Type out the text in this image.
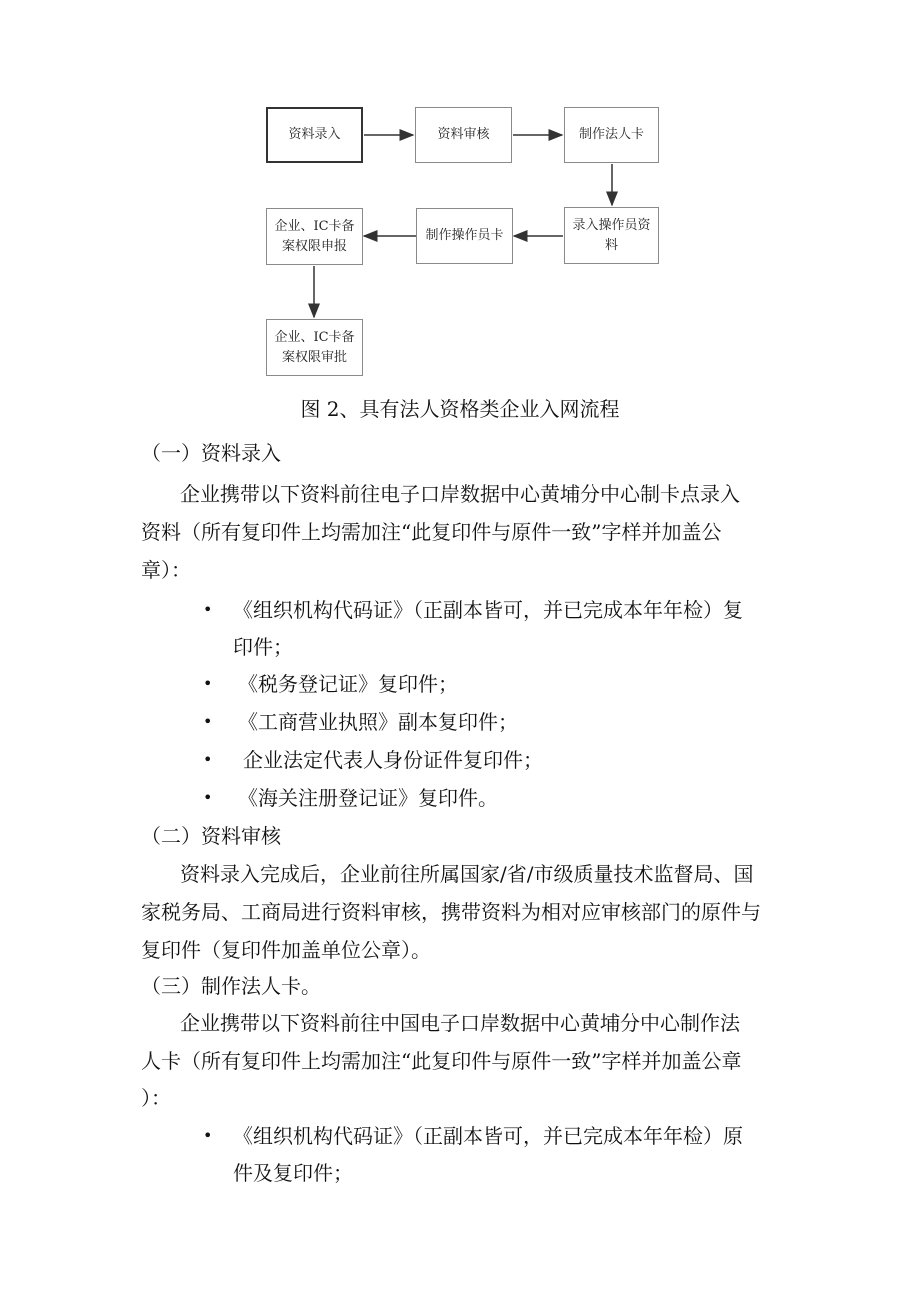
资料录入	资料审核	制作法人卡
录入操作员资料
制作操作员卡
企业、IC卡备案权限申报
企业、IC卡备案权限审批
图 2、具有法人资格类企业入网流程
（一）资料录入
企业携带以下资料前往电子口岸数据中心黄埔分中心制卡点录入
资料（所有复印件上均需加注“此复印件与原件一致”字样并加盖公
章）：
• 《组织机构代码证》（正副本皆可，并已完成本年年检）复
印件；
• 《税务登记证》复印件；
• 《工商营业执照》副本复印件；
• 企业法定代表人身份证件复印件；
• 《海关注册登记证》复印件。
（二）资料审核
资料录入完成后，企业前往所属国家/省/市级质量技术监督局、国
家税务局、工商局进行资料审核，携带资料为相对应审核部门的原件与
复印件（复印件加盖单位公章）。
（三）制作法人卡。
企业携带以下资料前往中国电子口岸数据中心黄埔分中心制作法
人卡（所有复印件上均需加注“此复印件与原件一致”字样并加盖公章
）：
• 《组织机构代码证》（正副本皆可，并已完成本年年检）原
件及复印件；
